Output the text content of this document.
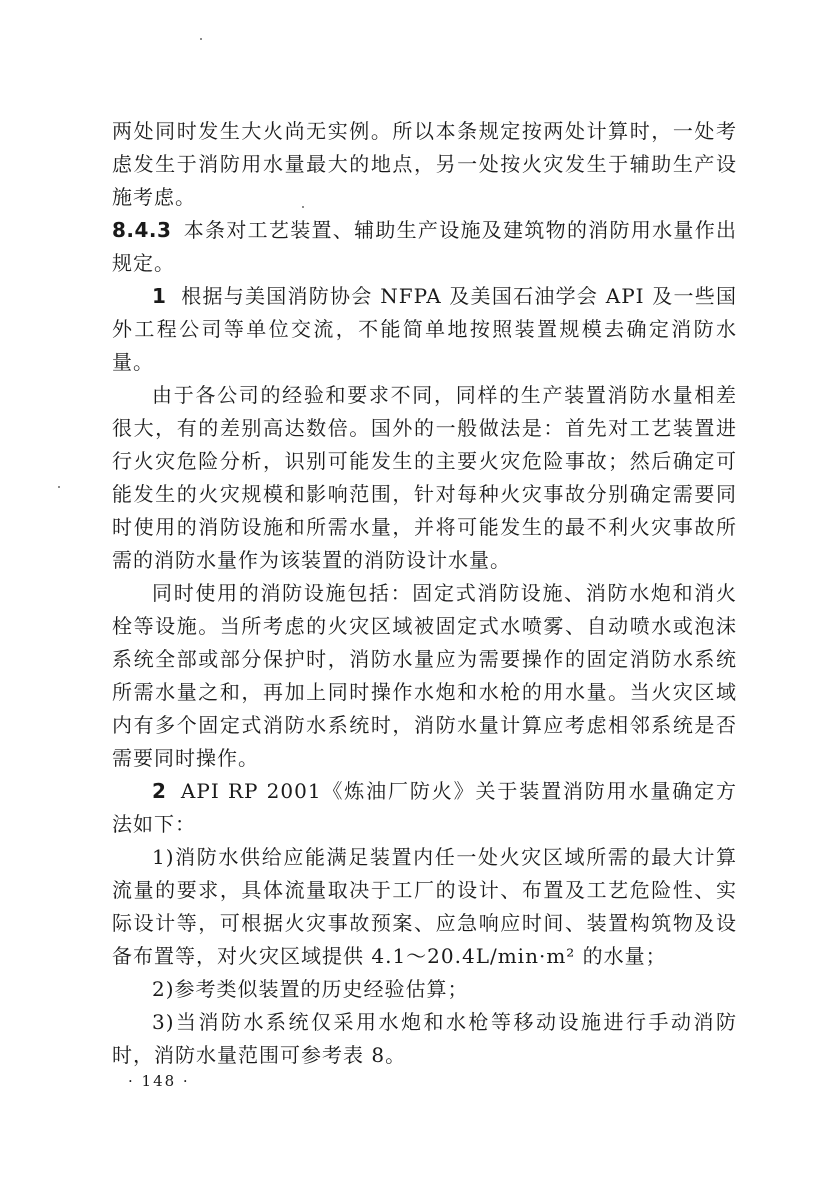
两处同时发生大火尚无实例。所以本条规定按两处计算时，一处考虑发生于消防用水量最大的地点，另一处按火灾发生于辅助生产设施考虑。

8.4.3 本条对工艺装置、辅助生产设施及建筑物的消防用水量作出规定。

1 根据与美国消防协会 NFPA 及美国石油学会 API 及一些国外工程公司等单位交流，不能简单地按照装置规模去确定消防水量。

由于各公司的经验和要求不同，同样的生产装置消防水量相差很大，有的差别高达数倍。国外的一般做法是：首先对工艺装置进行火灾危险分析，识别可能发生的主要火灾危险事故；然后确定可能发生的火灾规模和影响范围，针对每种火灾事故分别确定需要同时使用的消防设施和所需水量，并将可能发生的最不利火灾事故所需的消防水量作为该装置的消防设计水量。

同时使用的消防设施包括：固定式消防设施、消防水炮和消火栓等设施。当所考虑的火灾区域被固定式水喷雾、自动喷水或泡沫系统全部或部分保护时，消防水量应为需要操作的固定消防水系统所需水量之和，再加上同时操作水炮和水枪的用水量。当火灾区域内有多个固定式消防水系统时，消防水量计算应考虑相邻系统是否需要同时操作。

2 API RP 2001《炼油厂防火》关于装置消防用水量确定方法如下：

1)消防水供给应能满足装置内任一处火灾区域所需的最大计算流量的要求，具体流量取决于工厂的设计、布置及工艺危险性、实际设计等，可根据火灾事故预案、应急响应时间、装置构筑物及设备布置等，对火灾区域提供 4.1～20.4L/min·m² 的水量；

2)参考类似装置的历史经验估算；

3)当消防水系统仅采用水炮和水枪等移动设施进行手动消防时，消防水量范围可参考表 8。

· 148 ·
